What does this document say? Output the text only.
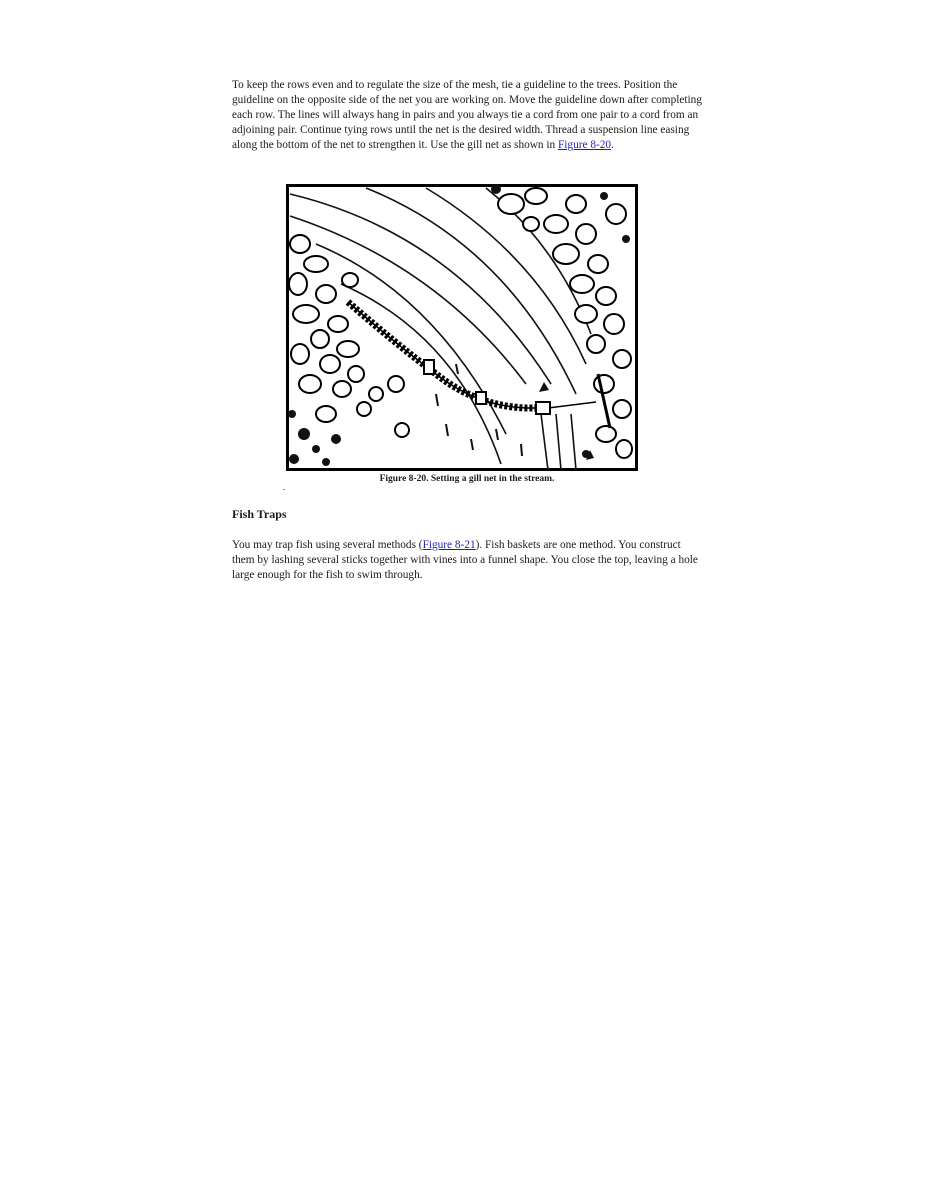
To keep the rows even and to regulate the size of the mesh, tie a guideline to the trees. Position the guideline on the opposite side of the net you are working on. Move the guideline down after completing each row. The lines will always hang in pairs and you always tie a cord from one pair to a cord from an adjoining pair. Continue tying rows until the net is the desired width. Thread a suspension line easing along the bottom of the net to strengthen it. Use the gill net as shown in Figure 8-20.

Figure 8-20. Setting a gill net in the stream.

Fish Traps

You may trap fish using several methods (Figure 8-21). Fish baskets are one method. You construct them by lashing several sticks together with vines into a funnel shape. You close the top, leaving a hole large enough for the fish to swim through.
